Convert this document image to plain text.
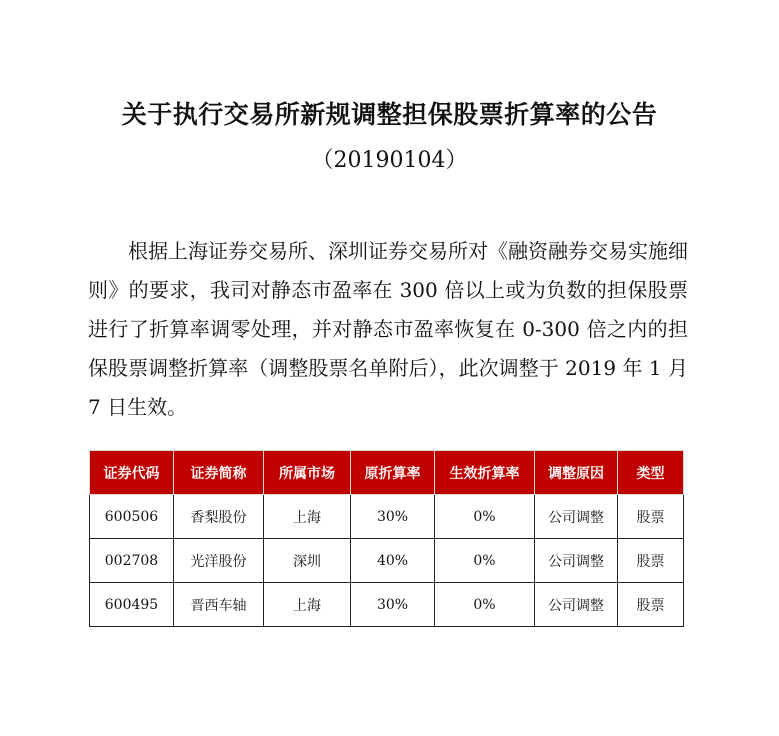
关于执行交易所新规调整担保股票折算率的公告
（20190104）
根据上海证券交易所、深圳证券交易所对《融资融券交易实施细则》的要求，我司对静态市盈率在 300 倍以上或为负数的担保股票进行了折算率调零处理，并对静态市盈率恢复在 0-300 倍之内的担保股票调整折算率（调整股票名单附后），此次调整于 2019 年 1 月 7 日生效。
证券代码	证券简称	所属市场	原折算率	生效折算率	调整原因	类型
600506	香梨股份	上海	30%	0%	公司调整	股票
002708	光洋股份	深圳	40%	0%	公司调整	股票
600495	晋西车轴	上海	30%	0%	公司调整	股票
